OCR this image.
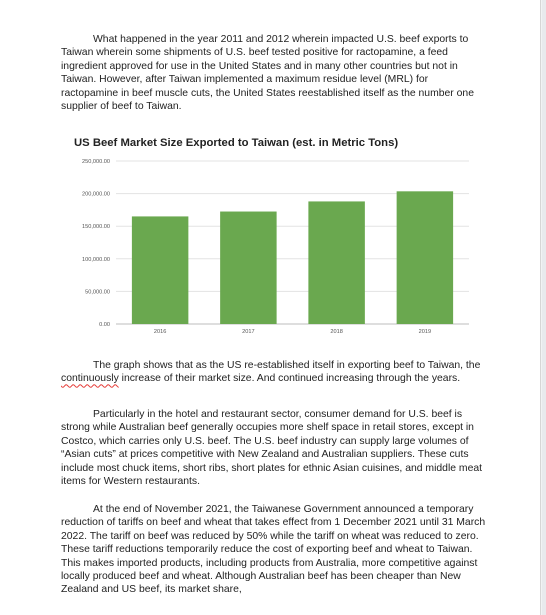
What happened in the year 2011 and 2012 wherein impacted U.S. beef exports to Taiwan wherein some shipments of U.S. beef tested positive for ractopamine, a feed ingredient approved for use in the United States and in many other countries but not in Taiwan. However, after Taiwan implemented a maximum residue level (MRL) for ractopamine in beef muscle cuts, the United States reestablished itself as the number one supplier of beef to Taiwan.

US Beef Market Size Exported to Taiwan (est. in Metric Tons)
0.00
50,000.00
100,000.00
150,000.00
200,000.00
250,000.00
2016	2017	2018	2019

The graph shows that as the US re-established itself in exporting beef to Taiwan, the continuously increase of their market size. And continued increasing through the years.

Particularly in the hotel and restaurant sector, consumer demand for U.S. beef is strong while Australian beef generally occupies more shelf space in retail stores, except in Costco, which carries only U.S. beef. The U.S. beef industry can supply large volumes of “Asian cuts” at prices competitive with New Zealand and Australian suppliers. These cuts include most chuck items, short ribs, short plates for ethnic Asian cuisines, and middle meat items for Western restaurants.

At the end of November 2021, the Taiwanese Government announced a temporary reduction of tariffs on beef and wheat that takes effect from 1 December 2021 until 31 March 2022. The tariff on beef was reduced by 50% while the tariff on wheat was reduced to zero. These tariff reductions temporarily reduce the cost of exporting beef and wheat to Taiwan. This makes imported products, including products from Australia, more competitive against locally produced beef and wheat. Although Australian beef has been cheaper than New Zealand and US beef, its market share,
